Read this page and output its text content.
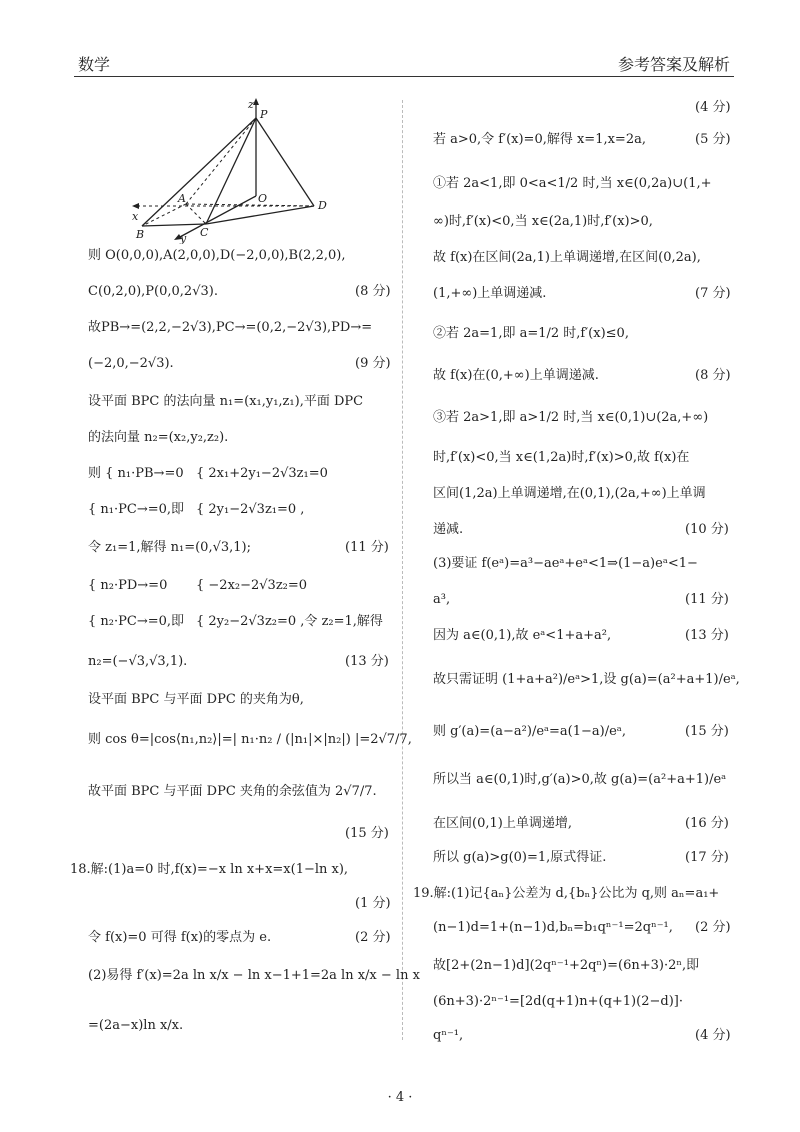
数学	参考答案及解析
z
P
A	O
D
x
B	C
y
则 O(0,0,0),A(2,0,0),D(−2,0,0),B(2,2,0),
C(0,2,0),P(0,0,2√3).	(8 分)
故PB→=(2,2,−2√3),PC→=(0,2,−2√3),PD→=
(−2,0,−2√3).	(9 分)
设平面 BPC 的法向量 n₁=(x₁,y₁,z₁),平面 DPC
的法向量 n₂=(x₂,y₂,z₂).
则 { n₁·PB→=0 { 2x₁+2y₁−2√3z₁=0
{ n₁·PC→=0,即 { 2y₁−2√3z₁=0 ,
令 z₁=1,解得 n₁=(0,√3,1);	(11 分)
{ n₂·PD→=0 { −2x₂−2√3z₂=0
{ n₂·PC→=0,即 { 2y₂−2√3z₂=0 ,令 z₂=1,解得
n₂=(−√3,√3,1).	(13 分)
设平面 BPC 与平面 DPC 的夹角为θ,
则 cos θ=|cos⟨n₁,n₂⟩|=| n₁·n₂ / (|n₁|×|n₂|) |=2√7/7,
故平面 BPC 与平面 DPC 夹角的余弦值为 2√7/7.
(15 分)
18.解:(1)a=0 时,f(x)=−x ln x+x=x(1−ln x),
(1 分)
令 f(x)=0 可得 f(x)的零点为 e.	(2 分)
(2)易得 f′(x)=2a ln x/x − ln x−1+1=2a ln x/x − ln x
=(2a−x)ln x/x.
(4 分)
若 a>0,令 f′(x)=0,解得 x=1,x=2a,	(5 分)
①若 2a<1,即 0<a<1/2 时,当 x∈(0,2a)∪(1,+
∞)时,f′(x)<0,当 x∈(2a,1)时,f′(x)>0,
故 f(x)在区间(2a,1)上单调递增,在区间(0,2a),
(1,+∞)上单调递减.	(7 分)
②若 2a=1,即 a=1/2 时,f′(x)≤0,
故 f(x)在(0,+∞)上单调递减.	(8 分)
③若 2a>1,即 a>1/2 时,当 x∈(0,1)∪(2a,+∞)
时,f′(x)<0,当 x∈(1,2a)时,f′(x)>0,故 f(x)在
区间(1,2a)上单调递增,在(0,1),(2a,+∞)上单调
递减.	(10 分)
(3)要证 f(eᵃ)=a³−aeᵃ+eᵃ<1⇒(1−a)eᵃ<1−
a³,	(11 分)
因为 a∈(0,1),故 eᵃ<1+a+a²,	(13 分)
故只需证明 (1+a+a²)/eᵃ>1,设 g(a)=(a²+a+1)/eᵃ,
则 g′(a)=(a−a²)/eᵃ=a(1−a)/eᵃ,	(15 分)
所以当 a∈(0,1)时,g′(a)>0,故 g(a)=(a²+a+1)/eᵃ
在区间(0,1)上单调递增,	(16 分)
所以 g(a)>g(0)=1,原式得证.	(17 分)
19.解:(1)记{aₙ}公差为 d,{bₙ}公比为 q,则 aₙ=a₁+
(n−1)d=1+(n−1)d,bₙ=b₁qⁿ⁻¹=2qⁿ⁻¹, (2 分)
故[2+(2n−1)d](2qⁿ⁻¹+2qⁿ)=(6n+3)·2ⁿ,即
(6n+3)·2ⁿ⁻¹=[2d(q+1)n+(q+1)(2−d)]·
qⁿ⁻¹,	(4 分)
· 4 ·
